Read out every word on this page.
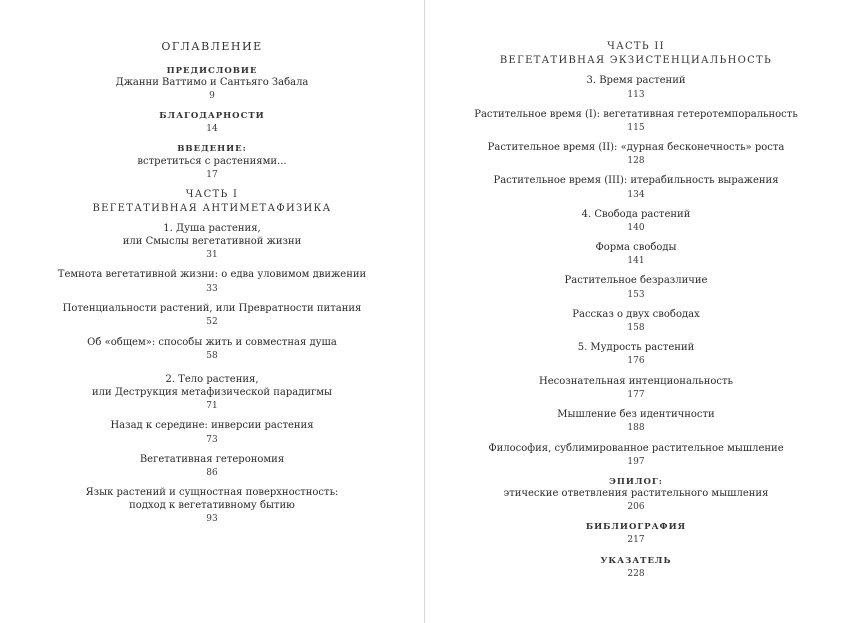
ОГЛАВЛЕНИЕ
ПРЕДИСЛОВИЕ
Джанни Ваттимо и Сантьяго Забала
9
БЛАГОДАРНОСТИ
14
ВВЕДЕНИЕ:
встретиться с растениями...
17
ЧАСТЬ I
ВЕГЕТАТИВНАЯ АНТИМЕТАФИЗИКА
1. Душа растения,
или Смыслы вегетативной жизни
31
Темнота вегетативной жизни: о едва уловимом движении
33
Потенциальности растений, или Превратности питания
52
Об «общем»: способы жить и совместная душа
58
2. Тело растения,
или Деструкция метафизической парадигмы
71
Назад к середине: инверсии растения
73
Вегетативная гетерономия
86
Язык растений и сущностная поверхностность:
подход к вегетативному бытию
93
ЧАСТЬ II
ВЕГЕТАТИВНАЯ ЭКЗИСТЕНЦИАЛЬНОСТЬ
3. Время растений
113
Растительное время (I): вегетативная гетеротемпоральность
115
Растительное время (II): «дурная бесконечность» роста
128
Растительное время (III): итерабильность выражения
134
4. Свобода растений
140
Форма свободы
141
Растительное безразличие
153
Рассказ о двух свободах
158
5. Мудрость растений
176
Несознательная интенциональность
177
Мышление без идентичности
188
Философия, сублимированное растительное мышление
197
ЭПИЛОГ:
этические ответвления растительного мышления
206
БИБЛИОГРАФИЯ
217
УКАЗАТЕЛЬ
228
